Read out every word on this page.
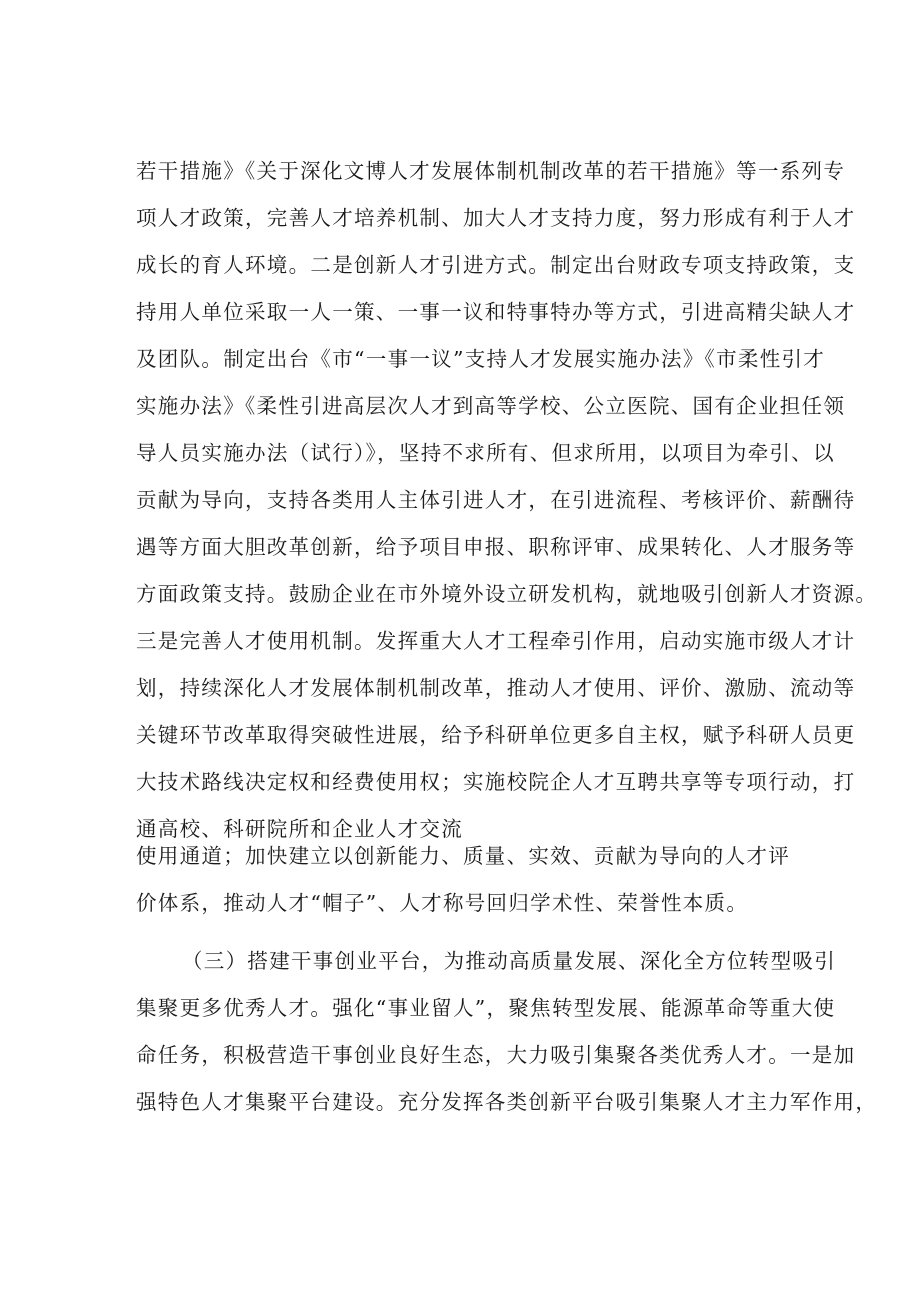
若干措施》《关于深化文博人才发展体制机制改革的若干措施》等一系列专

项人才政策，完善人才培养机制、加大人才支持力度，努力形成有利于人才

成长的育人环境。二是创新人才引进方式。制定出台财政专项支持政策，支

持用人单位采取一人一策、一事一议和特事特办等方式，引进高精尖缺人才

及团队。制定出台《市“一事一议”支持人才发展实施办法》《市柔性引才

实施办法》《柔性引进高层次人才到高等学校、公立医院、国有企业担任领

导人员实施办法（试行）》，坚持不求所有、但求所用，以项目为牵引、以

贡献为导向，支持各类用人主体引进人才，在引进流程、考核评价、薪酬待

遇等方面大胆改革创新，给予项目申报、职称评审、成果转化、人才服务等

方面政策支持。鼓励企业在市外境外设立研发机构，就地吸引创新人才资源。

三是完善人才使用机制。发挥重大人才工程牵引作用，启动实施市级人才计

划，持续深化人才发展体制机制改革，推动人才使用、评价、激励、流动等

关键环节改革取得突破性进展，给予科研单位更多自主权，赋予科研人员更

大技术路线决定权和经费使用权；实施校院企人才互聘共享等专项行动，打

通高校、科研院所和企业人才交流

使用通道；加快建立以创新能力、质量、实效、贡献为导向的人才评

价体系，推动人才“帽子”、人才称号回归学术性、荣誉性本质。

（三）搭建干事创业平台，为推动高质量发展、深化全方位转型吸引

集聚更多优秀人才。强化“事业留人”，聚焦转型发展、能源革命等重大使

命任务，积极营造干事创业良好生态，大力吸引集聚各类优秀人才。一是加

强特色人才集聚平台建设。充分发挥各类创新平台吸引集聚人才主力军作用，
